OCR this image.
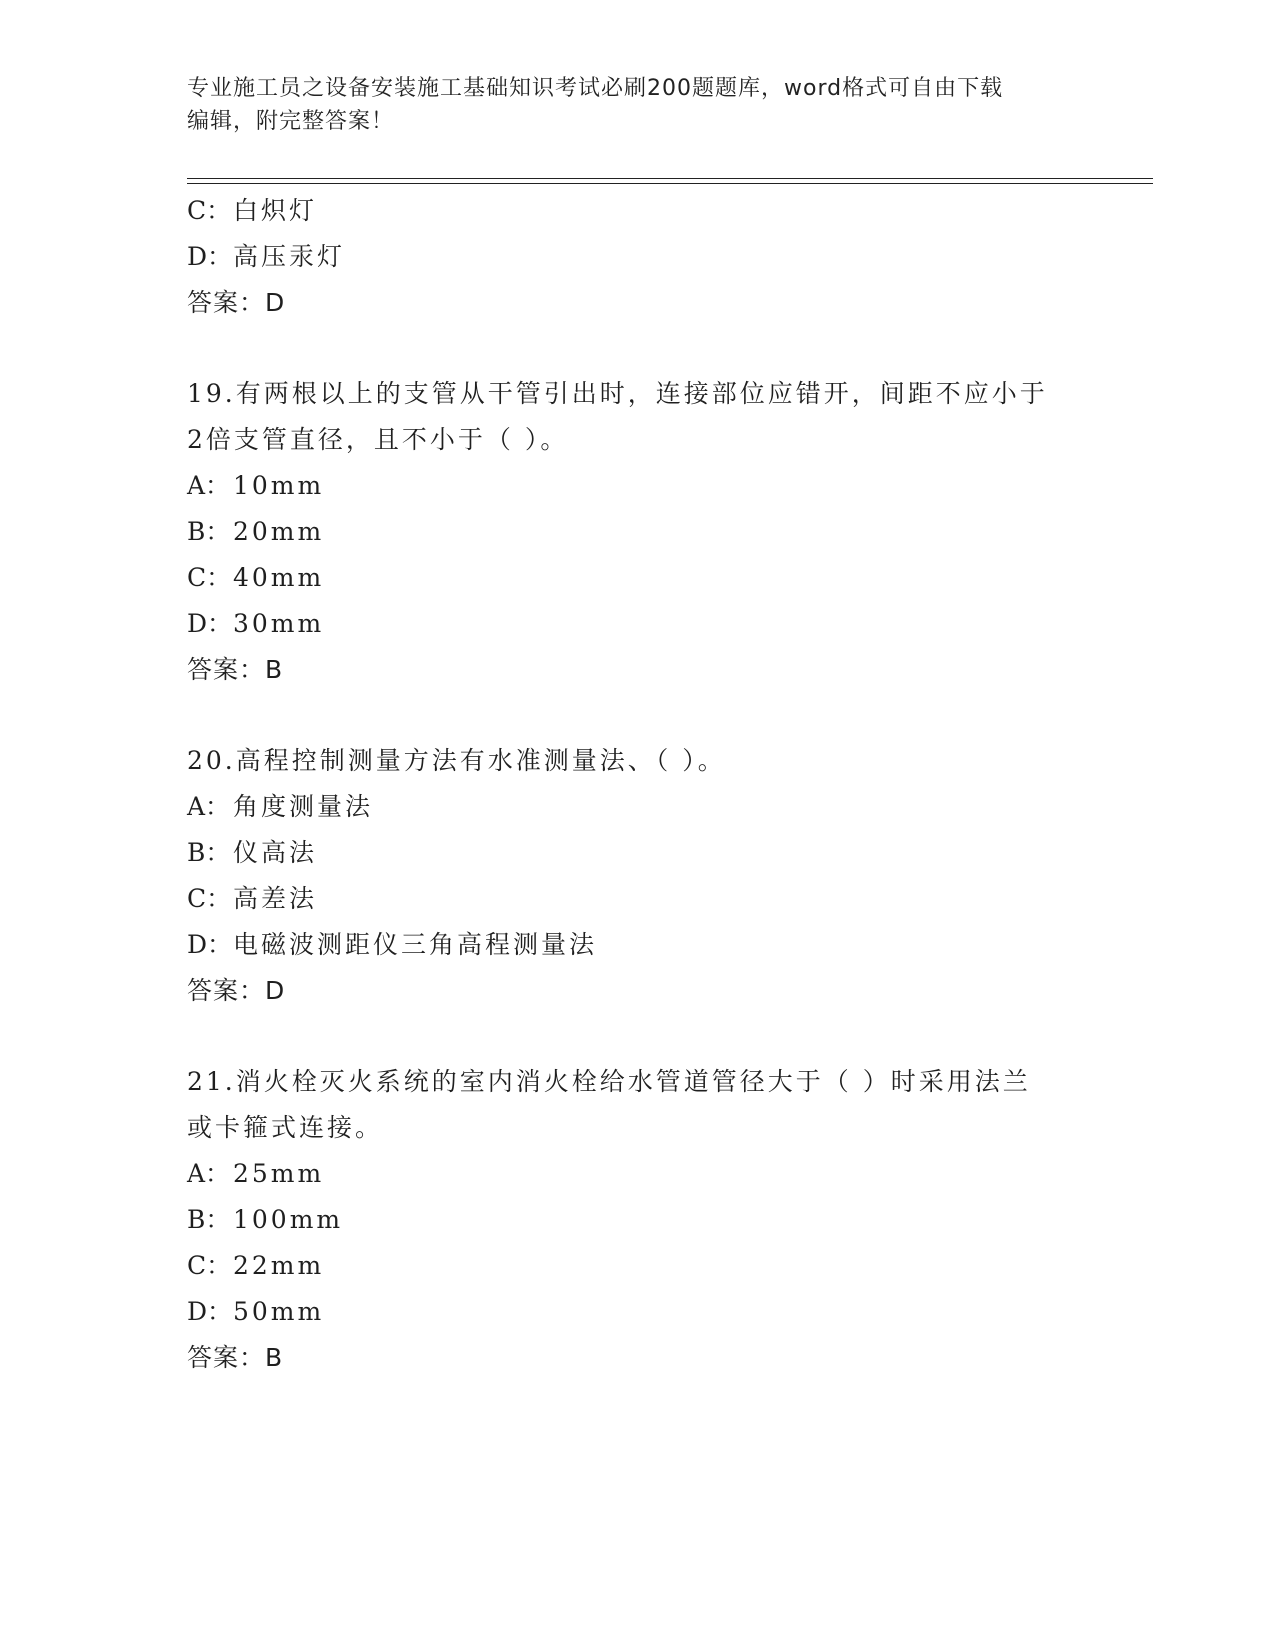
专业施工员之设备安装施工基础知识考试必刷200题题库，word格式可自由下载
编辑，附完整答案！
C：白炽灯
D：高压汞灯
答案：D
19.有两根以上的支管从干管引出时，连接部位应错开，间距不应小于
2倍支管直径，且不小于（ ）。
A： 10mm
B： 20mm
C：40mm
D：30mm
答案：B
20.高程控制测量方法有水准测量法、（ ）。
A： 角度测量法
B： 仪高法
C：高差法
D：电磁波测距仪三角高程测量法
答案：D
21.消火栓灭火系统的室内消火栓给水管道管径大于（ ）时采用法兰
或卡箍式连接。
A： 25mm
B： 100mm
C：22mm
D：50mm
答案：B
